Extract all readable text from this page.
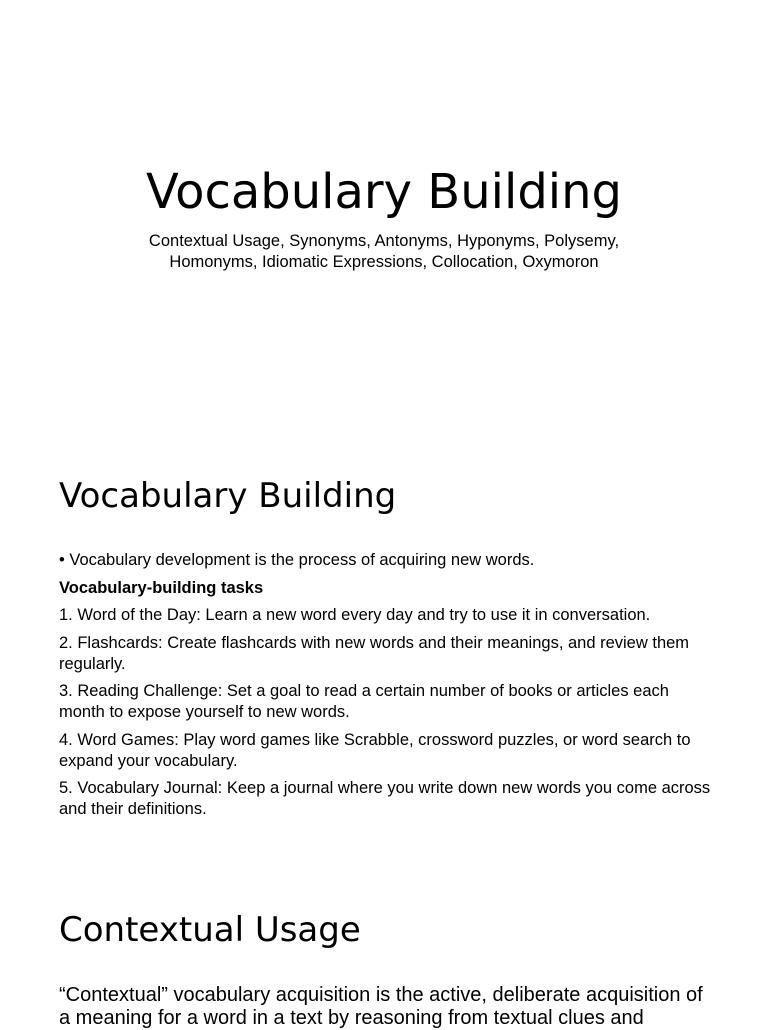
Vocabulary Building
Contextual Usage, Synonyms, Antonyms, Hyponyms, Polysemy,
Homonyms, Idiomatic Expressions, Collocation, Oxymoron
Vocabulary Building

• Vocabulary development is the process of acquiring new words.

Vocabulary-building tasks

1. Word of the Day: Learn a new word every day and try to use it in conversation.

2. Flashcards: Create flashcards with new words and their meanings, and review them regularly.

3. Reading Challenge: Set a goal to read a certain number of books or articles each month to expose yourself to new words.

4. Word Games: Play word games like Scrabble, crossword puzzles, or word search to expand your vocabulary.

5. Vocabulary Journal: Keep a journal where you write down new words you come across and their definitions.

Contextual Usage

“Contextual” vocabulary acquisition is the active, deliberate acquisition of a meaning for a word in a text by reasoning from textual clues and
